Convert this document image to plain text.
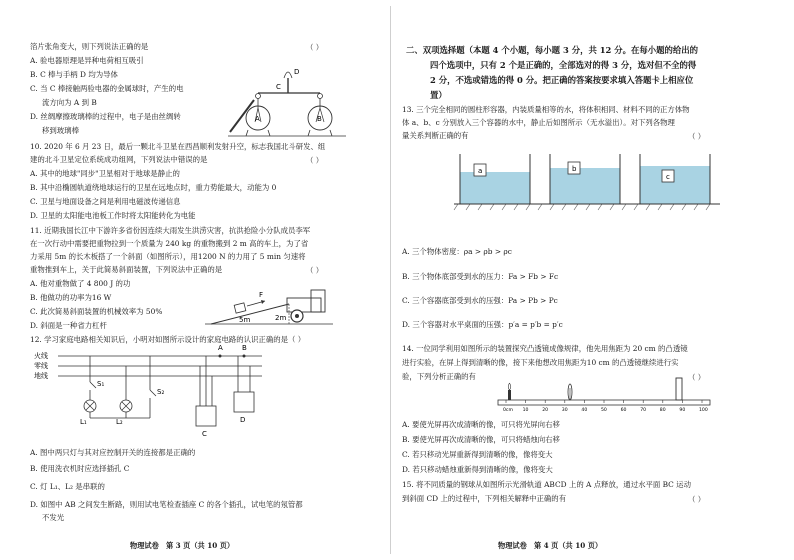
箔片张角变大，则下列说法正确的是	（ ）
A. 验电器原理是异种电荷相互吸引
B. C 棒与手柄 D 均为导体
C. 当 C 棒接触两验电器的金属球时，产生的电
流方向为 A 到 B
D. 丝绸摩擦玻璃棒的过程中，电子是由丝绸转
移到玻璃棒
C
D
A	B
10. 2020 年 6 月 23 日，最后一颗北斗卫星在西昌顺利发射升空，标志我国北斗研发、组
建的北斗卫星定位系统成功组网，下列说法中错误的是	（ ）
A. 其中的地球"同步"卫星相对于地球是静止的
B. 其中沿椭圆轨道绕地球运行的卫星在远地点时，重力势能最大，动能为 0
C. 卫星与地面设备之间是利用电磁波传递信息
D. 卫星的太阳能电池板工作时将太阳能转化为电能
11. 近期我国长江中下游许多省份因连续大雨发生洪涝灾害，抗洪抢险小分队成员李军
在一次行动中需要把重物拉到一个质量为 240 kg 的重物搬到 2 m 高的车上，为了省
力采用 5m 的长木板搭了一个斜面（如图所示），用1200 N 的力用了 5 min 匀速将
重物推到车上，关于此简易斜面装置，下列说法中正确的是	（ ）
A. 他对重物做了 4 800 J 的功
B. 他做功的功率为16 W
C. 此次简易斜面装置的机械效率为 50%
D. 斜面是一种省力杠杆
F
5m	2m
12. 学习家庭电路相关知识后，小明对如图所示设计的家庭电路的认识正确的是（ ）
火线
零线
地线
A	B
S₁
S₂
L₁	L₂
C
D
A. 图中两只灯与其对应控制开关的连接都是正确的
B. 使用洗衣机时应选择插孔 C
C. 灯 L₁、L₂ 是串联的
D. 如图中 AB 之间发生断路，则用试电笔检查插座 C 的各个插孔，试电笔的氖管都
不发光
物理试卷　第 3 页（共 10 页）
二、双项选择题（本题 4 个小题，每小题 3 分，共 12 分。在每小题的给出的
四个选项中，只有 2 个是正确的，全部选对的得 3 分，选对但不全的得
2 分，不选或错选的得 0 分。把正确的答案按要求填入答题卡上相应位
置）
13. 三个完全相同的圆柱形容器，内装质量相等的水，将体积相同、材料不同的正方体物
体 a、b、c 分别放入三个容器的水中，静止后如图所示（无水溢出）。对下列各物理
量关系判断正确的有	（ ）
a	b
c
A. 三个物体密度：ρa > ρb > ρc
B. 三个物体底部受到水的压力：Fa > Fb > Fc
C. 三个容器底部受到水的压强：Pa > Pb > Pc
D. 三个容器对水平桌面的压强：p′a = p′b = p′c
14. 一位同学利用如图所示的装置探究凸透镜成像规律，他先用焦距为 20 cm 的凸透镜
进行实验，在屏上得到清晰的像，接下来他想改用焦距为10 cm 的凸透镜继续进行实
验，下列分析正确的有	（ ）
0cm 10	20	30	40	50	60	70	80	90	100
A. 要使光屏再次成清晰的像，可只将光屏向右移
B. 要使光屏再次成清晰的像，可只将蜡烛向右移
C. 若只移动光屏重新得到清晰的像，像将变大
D. 若只移动蜡烛重新得到清晰的像，像将变大
15. 将不同质量的钢球从如图所示光滑轨道 ABCD 上的 A 点释放，通过水平面 BC 运动
到斜面 CD 上的过程中，下列相关解释中正确的有	（ ）
物理试卷　第 4 页（共 10 页）
